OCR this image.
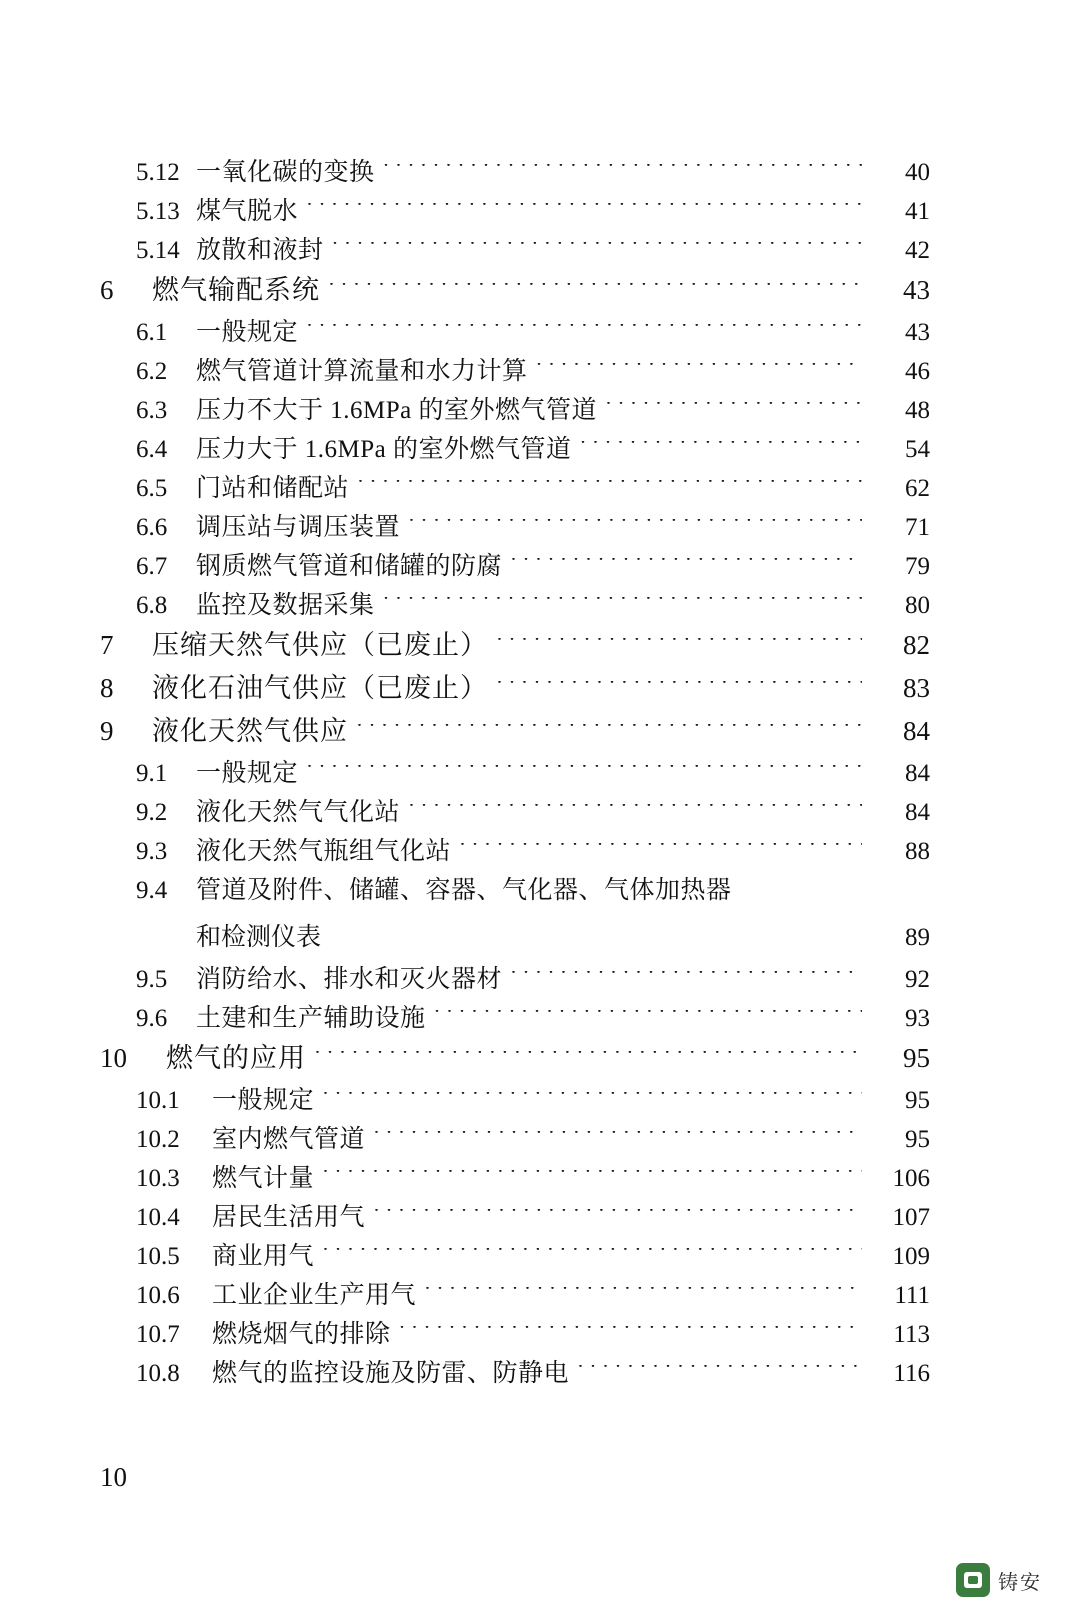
5.12 一氧化碳的变换 ·····	40
5.13 煤气脱水 ·····	41
5.14 放散和液封 ·····	42
6	燃气输配系统 ·····	43
6.1	一般规定 ·····	43
6.2	燃气管道计算流量和水力计算 ·····	46
6.3	压力不大于 1.6MPa 的室外燃气管道 ·····	48
6.4	压力大于 1.6MPa 的室外燃气管道 ·····	54
6.5	门站和储配站 ·····	62
6.6	调压站与调压装置 ·····	71
6.7	钢质燃气管道和储罐的防腐 ·····	79
6.8	监控及数据采集 ·····	80
7	压缩天然气供应（已废止） ·····	82
8	液化石油气供应（已废止） ·····	83
9	液化天然气供应 ·····	84
9.1	一般规定 ·····	84
9.2	液化天然气气化站 ·····	84
9.3	液化天然气瓶组气化站 ·····	88
9.4	管道及附件、储罐、容器、气化器、气体加热器
和检测仪表 ·····	89
9.5	消防给水、排水和灭火器材 ·····	92
9.6	土建和生产辅助设施 ·····	93
10	燃气的应用 ·····	95
10.1	一般规定 ·····	95
10.2	室内燃气管道 ·····	95
10.3	燃气计量 ·····	106
10.4	居民生活用气 ·····	107
10.5	商业用气 ·····	109
10.6	工业企业生产用气 ·····	111
10.7	燃烧烟气的排除 ·····	113
10.8	燃气的监控设施及防雷、防静电 ·····	116
10
铸安
